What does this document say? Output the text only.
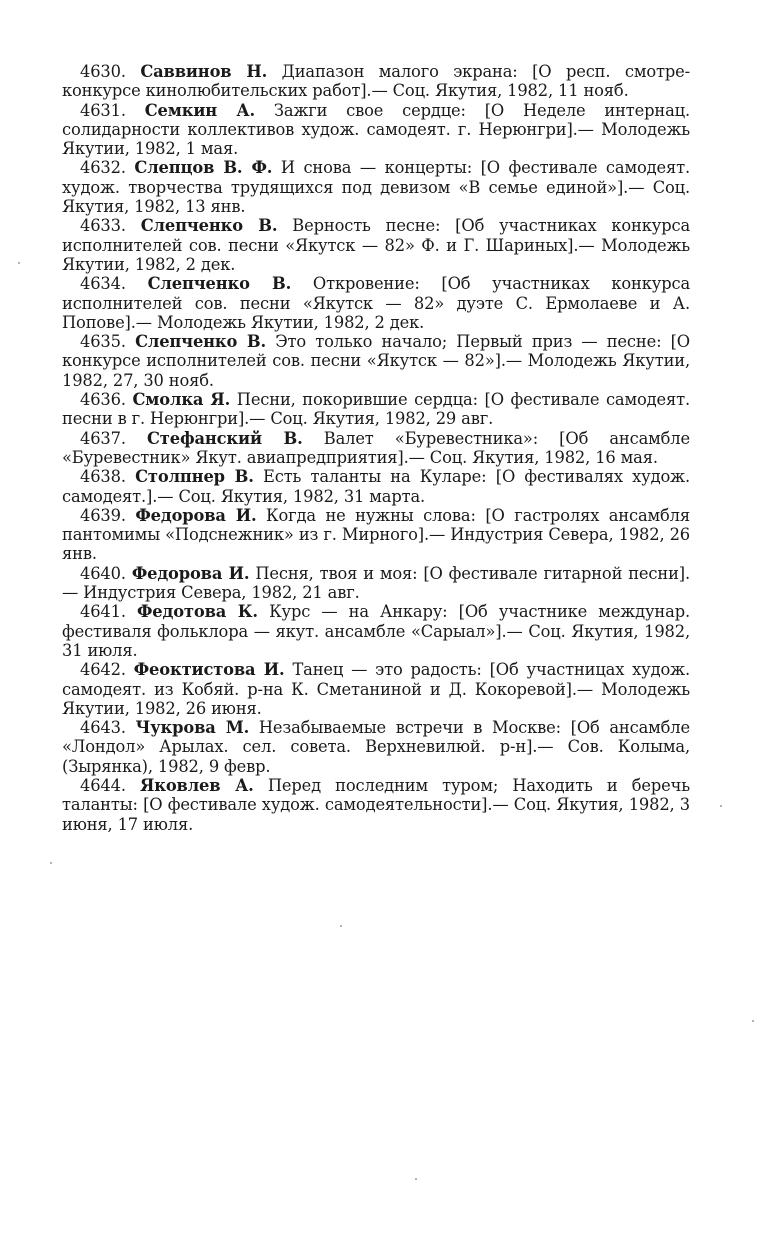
4630. Саввинов Н. Диапазон малого экрана: [О респ. смотре-конкурсе кинолюбительских работ].— Соц. Якутия, 1982, 11 нояб.

4631. Семкин А. Зажги свое сердце: [О Неделе интернац. солидарности коллективов худож. самодеят. г. Нерюнгри].— Молодежь Якутии, 1982, 1 мая.

4632. Слепцов В. Ф. И снова — концерты: [О фестивале самодеят. худож. творчества трудящихся под девизом «В семье единой»].— Соц. Якутия, 1982, 13 янв.

4633. Слепченко В. Верность песне: [Об участниках конкурса исполнителей сов. песни «Якутск — 82» Ф. и Г. Шариных].— Молодежь Якутии, 1982, 2 дек.

4634. Слепченко В. Откровение: [Об участниках конкурса исполнителей сов. песни «Якутск — 82» дуэте С. Ермолаеве и А. Попове].— Молодежь Якутии, 1982, 2 дек.

4635. Слепченко В. Это только начало; Первый приз — песне: [О конкурсе исполнителей сов. песни «Якутск — 82»].— Молодежь Якутии, 1982, 27, 30 нояб.

4636. Смолка Я. Песни, покорившие сердца: [О фестивале самодеят. песни в г. Нерюнгри].— Соц. Якутия, 1982, 29 авг.

4637. Стефанский В. Валет «Буревестника»: [Об ансамбле «Буревестник» Якут. авиапредприятия].— Соц. Якутия, 1982, 16 мая.

4638. Столпнер В. Есть таланты на Куларе: [О фестивалях худож. самодеят.].— Соц. Якутия, 1982, 31 марта.

4639. Федорова И. Когда не нужны слова: [О гастролях ансамбля пантомимы «Подснежник» из г. Мирного].— Индустрия Севера, 1982, 26 янв.

4640. Федорова И. Песня, твоя и моя: [О фестивале гитарной песни].— Индустрия Севера, 1982, 21 авг.

4641. Федотова К. Курс — на Анкару: [Об участнике междунар. фестиваля фольклора — якут. ансамбле «Сарыал»].— Соц. Якутия, 1982, 31 июля.

4642. Феоктистова И. Танец — это радость: [Об участницах худож. самодеят. из Кобяй. р-на К. Сметаниной и Д. Кокоревой].— Молодежь Якутии, 1982, 26 июня.

4643. Чукрова М. Незабываемые встречи в Москве: [Об ансамбле «Лондол» Арылах. сел. совета. Верхневилюй. р-н].— Сов. Колыма, (Зырянка), 1982, 9 февр.

4644. Яковлев А. Перед последним туром; Находить и беречь таланты: [О фестивале худож. самодеятельности].— Соц. Якутия, 1982, 3 июня, 17 июля.
